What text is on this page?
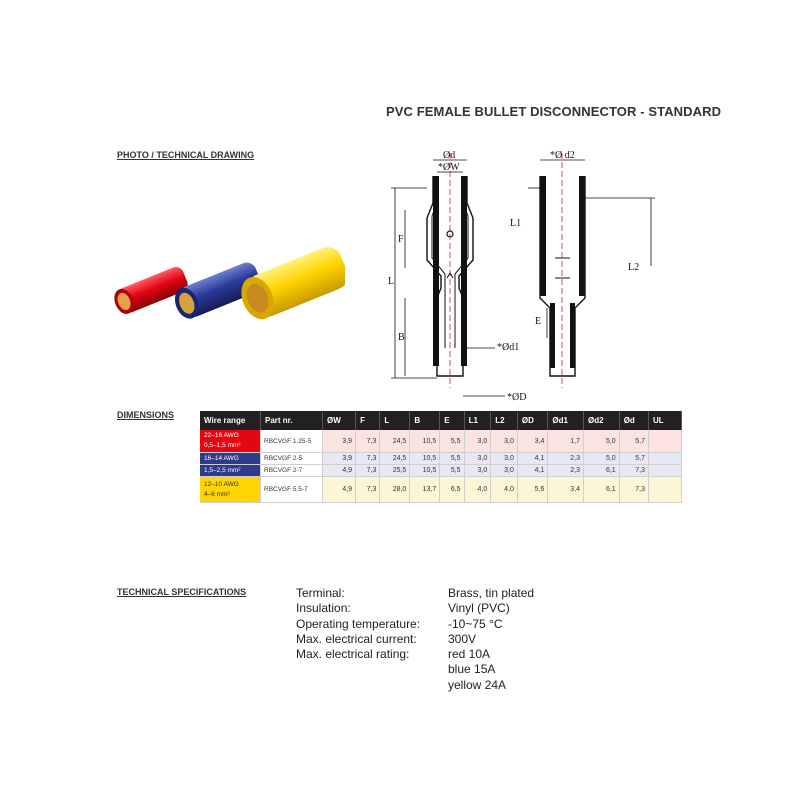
PVC FEMALE BULLET DISCONNECTOR - STANDARD
PHOTO / TECHNICAL DRAWING
DIMENSIONS
TECHNICAL SPECIFICATIONS
Ød
*ØW
L
F
B
*Ød1
*ØD
*Ø d2
L1
L2
E
Wire range	Part nr.	ØW	F	L	B	E	L1	L2	ØD	Ød1	Ød2	Ød	UL
22–16 AWG
0,5–1,5 mm²	RBCVGF 1.25-5	3,9	7,3	24,5	10,5	5,5	3,0	3,0	3,4	1,7	5,0	5,7	
16–14 AWG	RBCVGF 2-5	3,9	7,3	24,5	10,5	5,5	3,0	3,0	4,1	2,3	5,0	5,7	
1,5–2,5 mm²	RBCVGF 2-7	4,9	7,3	25,5	10,5	5,5	3,0	3,0	4,1	2,3	6,1	7,3	
12–10 AWG
4–6 mm²	RBCVGF 5.5-7	4,9	7,3	28,0	13,7	6,5	4,0	4,0	5,6	3,4	6,1	7,3	
Terminal:	Brass, tin plated
Insulation:	Vinyl (PVC)
Operating temperature:	-10~75 °C
Max. electrical current:	300V
Max. electrical rating:	red 10A
blue 15A
yellow 24A
